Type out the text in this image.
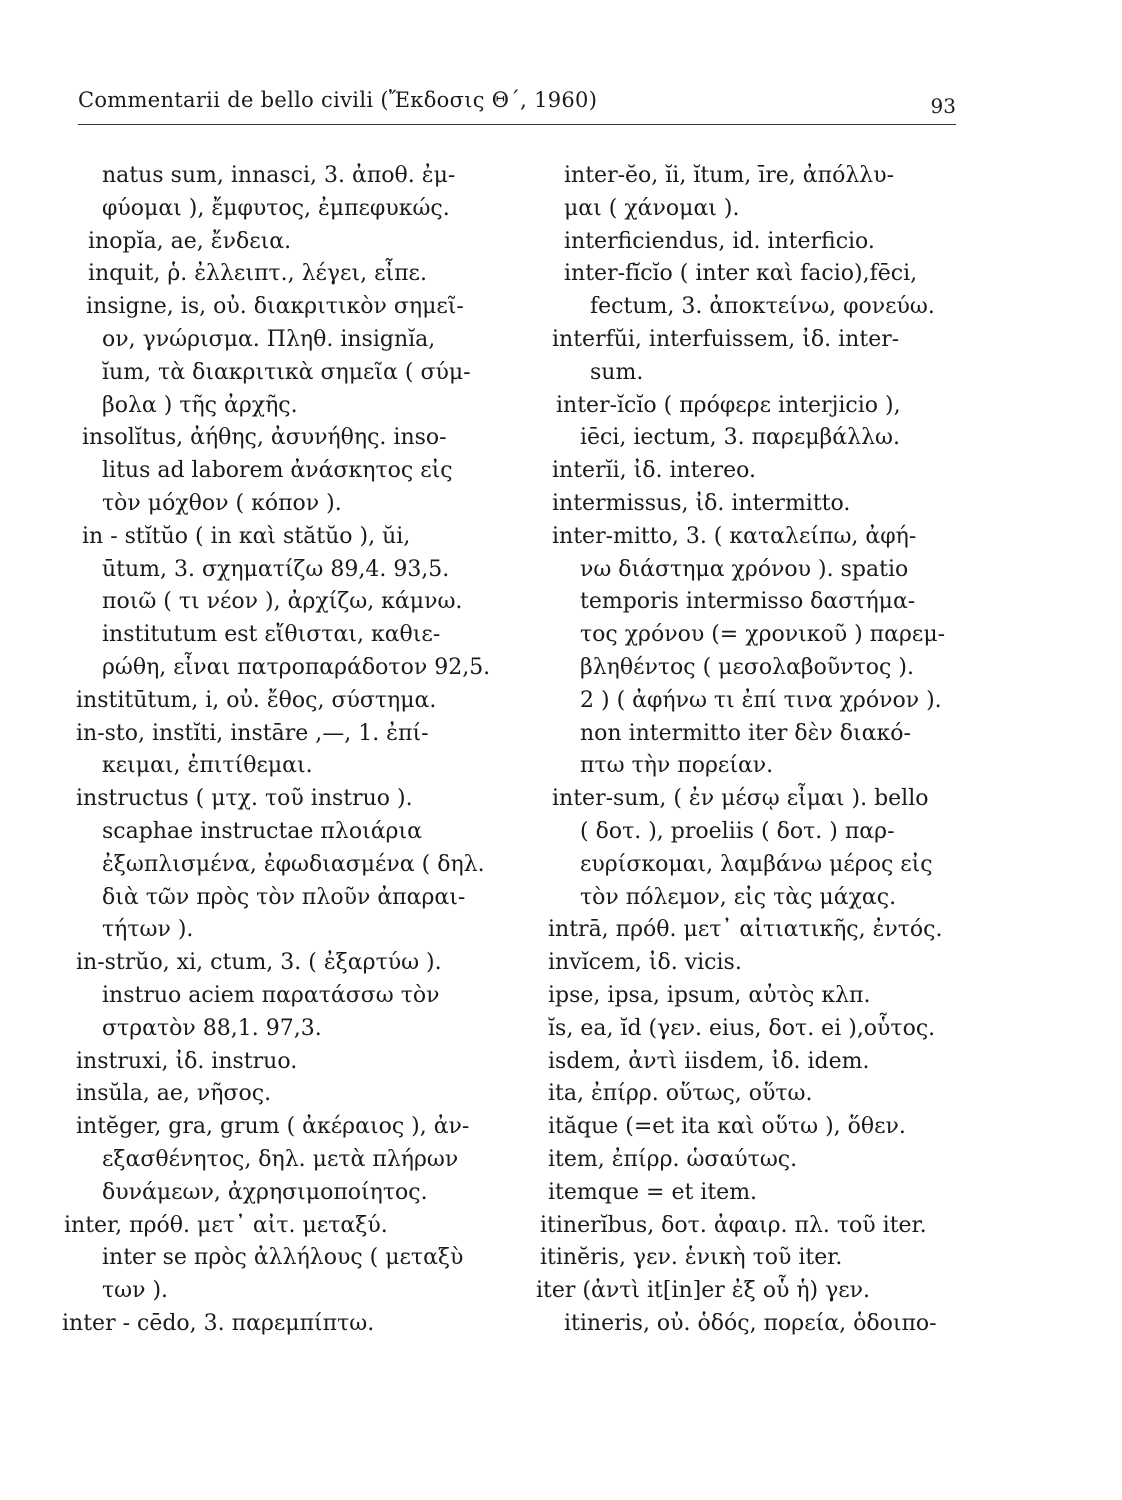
Commentarii de bello civili (Ἔκδοσις Θ΄, 1960)	93
natus sum, innasci, 3. ἀποθ. ἐμ-
φύομαι ), ἔμφυτος, ἐμπεφυκώς.
inopĭa, ae, ἔνδεια.
inquit, ῥ. ἐλλειπτ., λέγει, εἶπε.
insigne, is, οὐ. διακριτικὸν σημεῖ-
ον, γνώρισμα. Πληθ. insignĭa,
ĭum, τὰ διακριτικὰ σημεῖα ( σύμ-
βολα ) τῆς ἀρχῆς.
insolĭtus, ἀήθης, ἀσυνήθης. inso-
litus ad laborem ἀνάσκητος εἰς
τὸν μόχθον ( κόπον ).
in - stĭtŭo ( in καὶ stătŭo ), ŭi,
ūtum, 3. σχηματίζω 89,4. 93,5.
ποιῶ ( τι νέον ), ἀρχίζω, κάμνω.
institutum est εἴθισται, καθιε-
ρώθη, εἶναι πατροπαράδοτον 92,5.
institūtum, i, οὐ. ἔθος, σύστημα.
in-sto, instĭti, instāre ,—, 1. ἐπί-
κειμαι, ἐπιτίθεμαι.
instructus ( μτχ. τοῦ instruo ).
scaphae instructae πλοιάρια
ἐξωπλισμένα, ἐφωδιασμένα ( δηλ.
διὰ τῶν πρὸς τὸν πλοῦν ἀπαραι-
τήτων ).
in-strŭo, xi, ctum, 3. ( ἐξαρτύω ).
instruo aciem παρατάσσω τὸν
στρατὸν 88,1. 97,3.
instruxi, ἰδ. instruo.
insŭla, ae, νῆσος.
intĕger, gra, grum ( ἀκέραιος ), ἀν-
εξασθένητος, δηλ. μετὰ πλήρων
δυνάμεων, ἀχρησιμοποίητος.
inter, πρόθ. μετ᾽ αἰτ. μεταξύ.
inter se πρὸς ἀλλήλους ( μεταξὺ
των ).
inter - cēdo, 3. παρεμπίπτω.
inter-ĕo, ĭi, ĭtum, īre, ἀπόλλυ-
μαι ( χάνομαι ).
interficiendus, id. interficio.
inter-fĭcĭo ( inter καὶ facio),fēci,
fectum, 3. ἀποκτείνω, φονεύω.
interfŭi, interfuissem, ἰδ. inter-
sum.
inter-ĭcĭo ( πρόφερε interjicio ),
iēci, iectum, 3. παρεμβάλλω.
interĭi, ἰδ. intereo.
intermissus, ἰδ. intermitto.
inter-mitto, 3. ( καταλείπω, ἀφή-
νω διάστημα χρόνου ). spatio
temporis intermisso δαστήμα-
τος χρόνου (= χρονικοῦ ) παρεμ-
βληθέντος ( μεσολαβοῦντος ).
2 ) ( ἀφήνω τι ἐπί τινα χρόνον ).
non intermitto iter δὲν διακό-
πτω τὴν πορείαν.
inter-sum, ( ἐν μέσῳ εἶμαι ). bello
( δοτ. ), proeliis ( δοτ. ) παρ-
ευρίσκομαι, λαμβάνω μέρος εἰς
τὸν πόλεμον, εἰς τὰς μάχας.
intrā, πρόθ. μετ᾽ αἰτιατικῆς, ἐντός.
invĭcem, ἰδ. vicis.
ipse, ipsa, ipsum, αὐτὸς κλπ.
ĭs, ea, ĭd (γεν. eius, δοτ. ei ),οὗτος.
isdem, ἀντὶ iisdem, ἰδ. idem.
ita, ἐπίρρ. οὕτως, οὕτω.
ităque (=et ita καὶ οὕτω ), ὅθεν.
item, ἐπίρρ. ὡσαύτως.
itemque = et item.
itinerĭbus, δοτ. ἀφαιρ. πλ. τοῦ iter.
itinĕris, γεν. ἑνικὴ τοῦ iter.
iter (ἀντὶ it[in]er ἐξ οὗ ἡ) γεν.
itineris, οὐ. ὁδός, πορεία, ὁδοιπο-
